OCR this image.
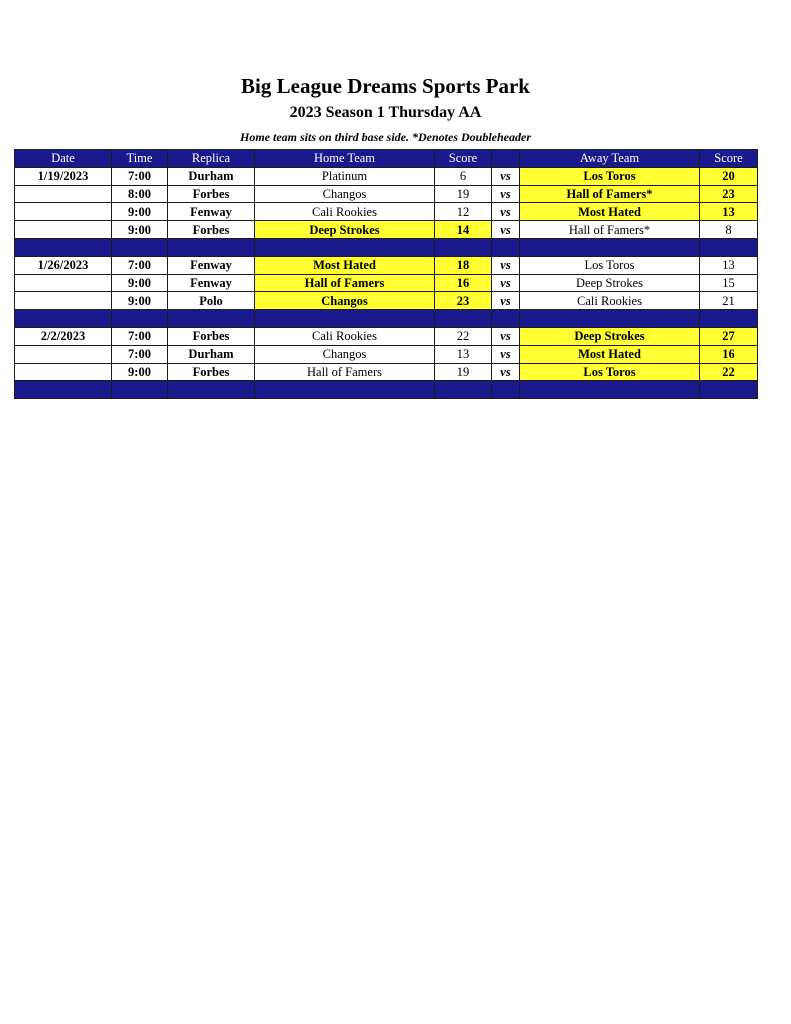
Big League Dreams Sports Park
2023 Season 1 Thursday AA
Home team sits on third base side. *Denotes Doubleheader
Date	Time	Replica	Home Team	Score		Away Team	Score
1/19/2023	7:00	Durham	Platinum	6	vs	Los Toros	20
	8:00	Forbes	Changos	19	vs	Hall of Famers*	23
	9:00	Fenway	Cali Rookies	12	vs	Most Hated	13
	9:00	Forbes	Deep Strokes	14	vs	Hall of Famers*	8

1/26/2023	7:00	Fenway	Most Hated	18	vs	Los Toros	13
	9:00	Fenway	Hall of Famers	16	vs	Deep Strokes	15
	9:00	Polo	Changos	23	vs	Cali Rookies	21

2/2/2023	7:00	Forbes	Cali Rookies	22	vs	Deep Strokes	27
	7:00	Durham	Changos	13	vs	Most Hated	16
	9:00	Forbes	Hall of Famers	19	vs	Los Toros	22
